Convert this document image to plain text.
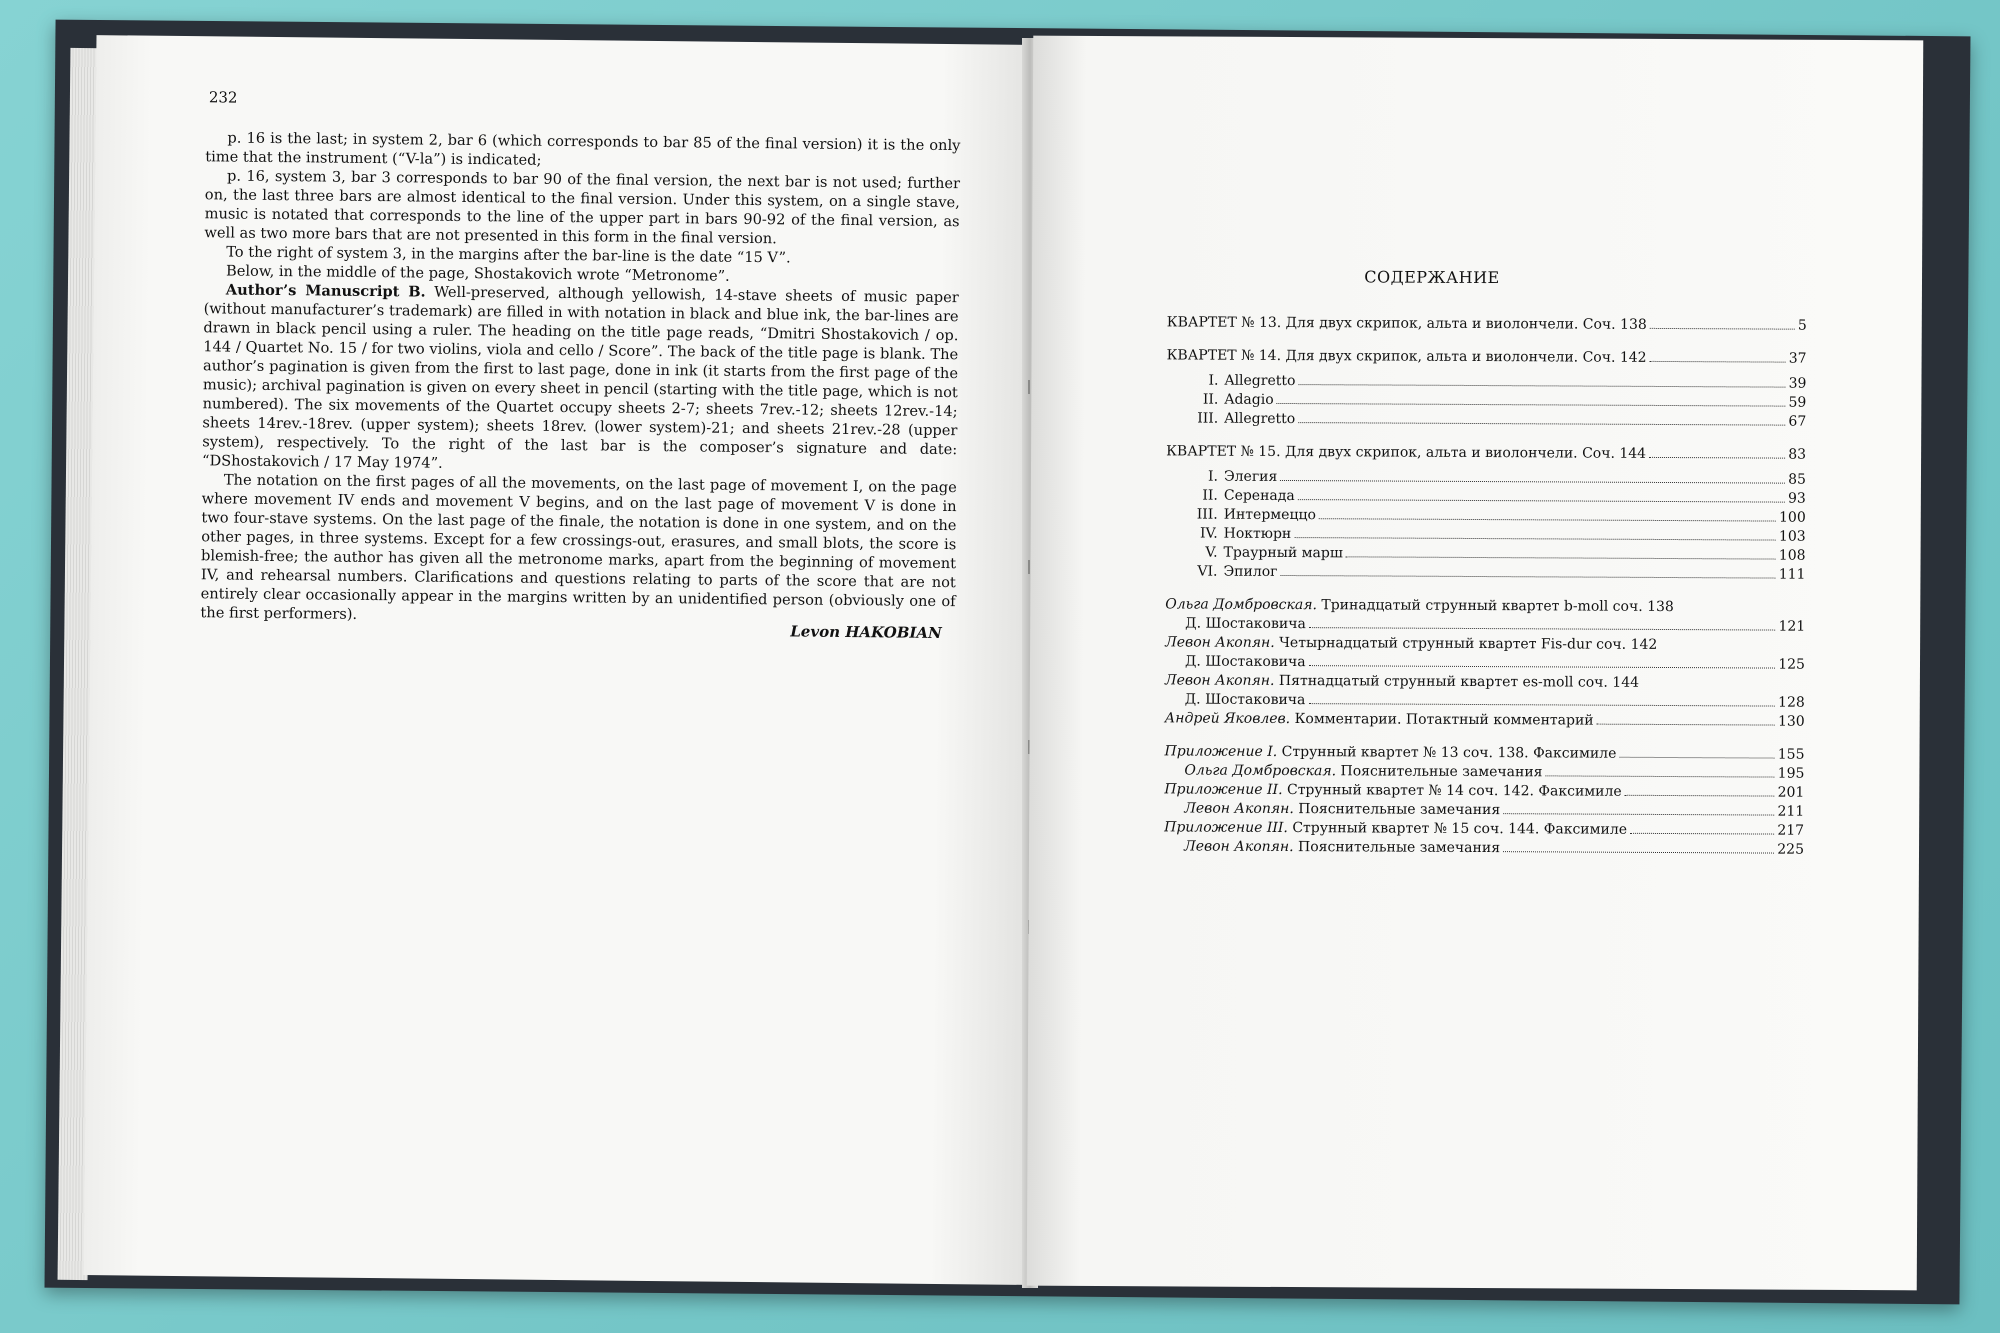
232

p. 16 is the last; in system 2, bar 6 (which corresponds to bar 85 of the final version) it is the only time that the instrument (“V-la”) is indicated;

p. 16, system 3, bar 3 corresponds to bar 90 of the final version, the next bar is not used; further on, the last three bars are almost identical to the final version. Under this system, on a single stave, music is notated that corresponds to the line of the upper part in bars 90-92 of the final version, as well as two more bars that are not presented in this form in the final version.

To the right of system 3, in the margins after the bar-line is the date “15 V”.

Below, in the middle of the page, Shostakovich wrote “Metronome”.

Author’s Manuscript B. Well-preserved, although yellowish, 14-stave sheets of music paper (without manufacturer’s trademark) are filled in with notation in black and blue ink, the bar-lines are drawn in black pencil using a ruler. The heading on the title page reads, “Dmitri Shostakovich / op. 144 / Quartet No. 15 / for two violins, viola and cello / Score”. The back of the title page is blank. The author’s pagination is given from the first to last page, done in ink (it starts from the first page of the music); archival pagination is given on every sheet in pencil (starting with the title page, which is not numbered). The six movements of the Quartet occupy sheets 2-7; sheets 7rev.-12; sheets 12rev.-14; sheets 14rev.-18rev. (upper system); sheets 18rev. (lower system)-21; and sheets 21rev.-28 (upper system), respectively. To the right of the last bar is the composer’s signature and date: “DShostakovich / 17 May 1974”.

The notation on the first pages of all the movements, on the last page of movement I, on the page where movement IV ends and movement V begins, and on the last page of movement V is done in two four-stave systems. On the last page of the finale, the notation is done in one system, and on the other pages, in three systems. Except for a few crossings-out, erasures, and small blots, the score is blemish-free; the author has given all the metronome marks, apart from the beginning of movement IV, and rehearsal numbers. Clarifications and questions relating to parts of the score that are not entirely clear occasionally appear in the margins written by an unidentified person (obviously one of the first performers).

Levon HAKOBIAN
СОДЕРЖАНИЕ
КВАРТЕТ № 13. Для двух скрипок, альта и виолончели. Соч. 138	5
КВАРТЕТ № 14. Для двух скрипок, альта и виолончели. Соч. 142	37
I. Allegretto	39
II. Adagio	59
III. Allegretto	67
КВАРТЕТ № 15. Для двух скрипок, альта и виолончели. Соч. 144	83
I. Элегия	85
II. Серенада	93
III. Интермеццо	100
IV. Ноктюрн	103
V. Траурный марш	108
VI. Эпилог	111
Ольга Домбровская. Тринадцатый струнный квартет b-moll соч. 138
Д. Шостаковича	121
Левон Акопян. Четырнадцатый струнный квартет Fis-dur соч. 142
Д. Шостаковича	125
Левон Акопян. Пятнадцатый струнный квартет es-moll соч. 144
Д. Шостаковича	128
Андрей Яковлев. Комментарии. Потактный комментарий	130
Приложение I. Струнный квартет № 13 соч. 138. Факсимиле	155
Ольга Домбровская. Пояснительные замечания	195
Приложение II. Струнный квартет № 14 соч. 142. Факсимиле	201
Левон Акопян. Пояснительные замечания	211
Приложение III. Струнный квартет № 15 соч. 144. Факсимиле	217
Левон Акопян. Пояснительные замечания	225
